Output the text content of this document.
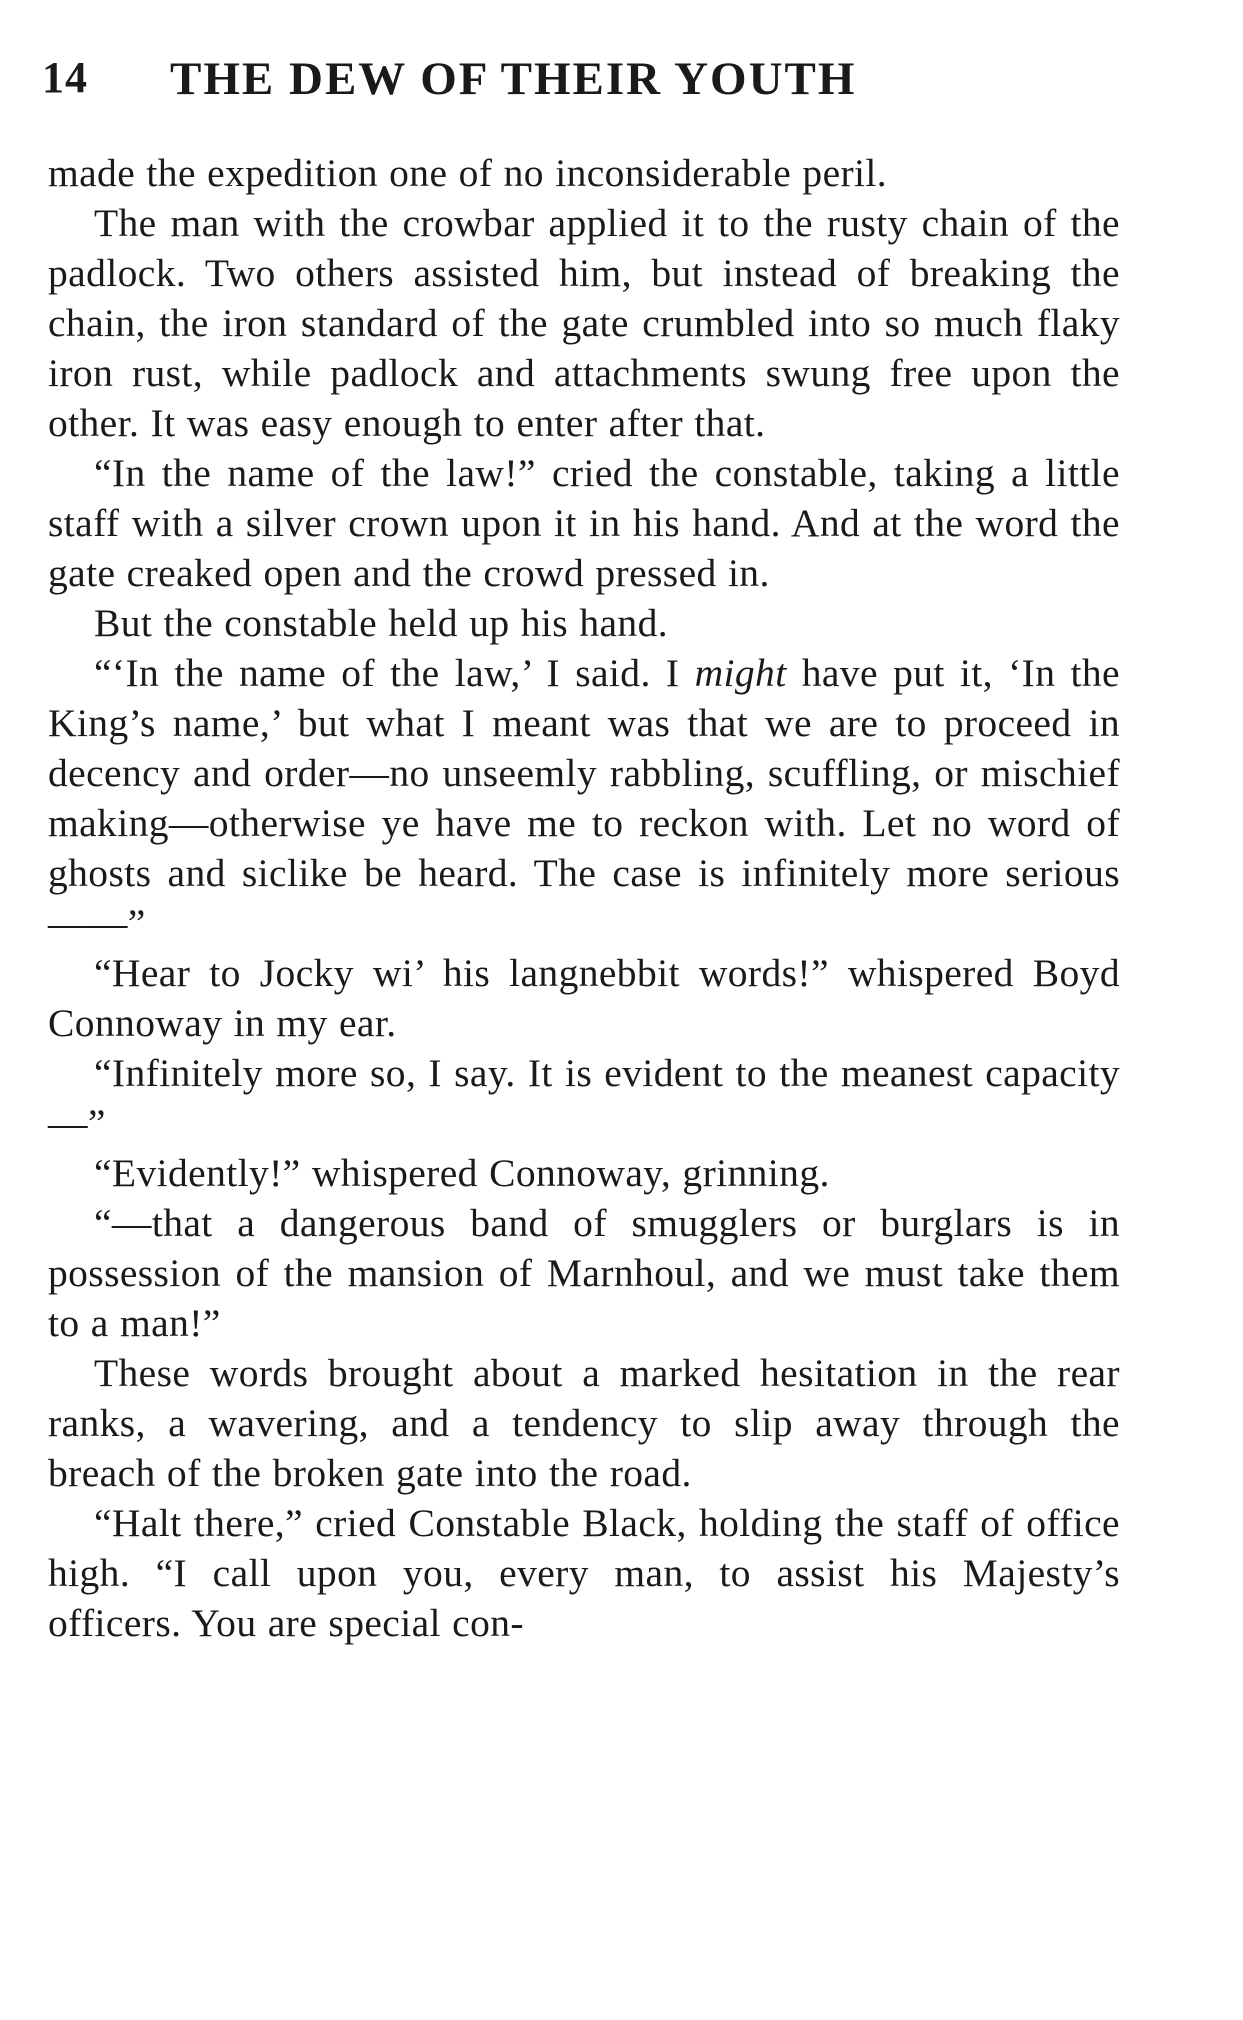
14 THE DEW OF THEIR YOUTH

made the expedition one of no inconsiderable peril.

The man with the crowbar applied it to the rusty chain of the padlock. Two others assisted him, but instead of breaking the chain, the iron standard of the gate crumbled into so much flaky iron rust, while padlock and attachments swung free upon the other. It was easy enough to enter after that.

“In the name of the law!” cried the constable, taking a little staff with a silver crown upon it in his hand. And at the word the gate creaked open and the crowd pressed in.

But the constable held up his hand.

“‘In the name of the law,’ I said. I might have put it, ‘In the King’s name,’ but what I meant was that we are to proceed in decency and order—no unseemly rabbling, scuffling, or mischief making—otherwise ye have me to reckon with. Let no word of ghosts and siclike be heard. The case is infinitely more serious——”

“Hear to Jocky wi’ his langnebbit words!” whispered Boyd Connoway in my ear.

“Infinitely more so, I say. It is evident to the meanest capacity—”

“Evidently!” whispered Connoway, grinning.

“—that a dangerous band of smugglers or burglars is in possession of the mansion of Marnhoul, and we must take them to a man!”

These words brought about a marked hesitation in the rear ranks, a wavering, and a tendency to slip away through the breach of the broken gate into the road.

“Halt there,” cried Constable Black, holding the staff of office high. “I call upon you, every man, to assist his Majesty’s officers. You are special con-
